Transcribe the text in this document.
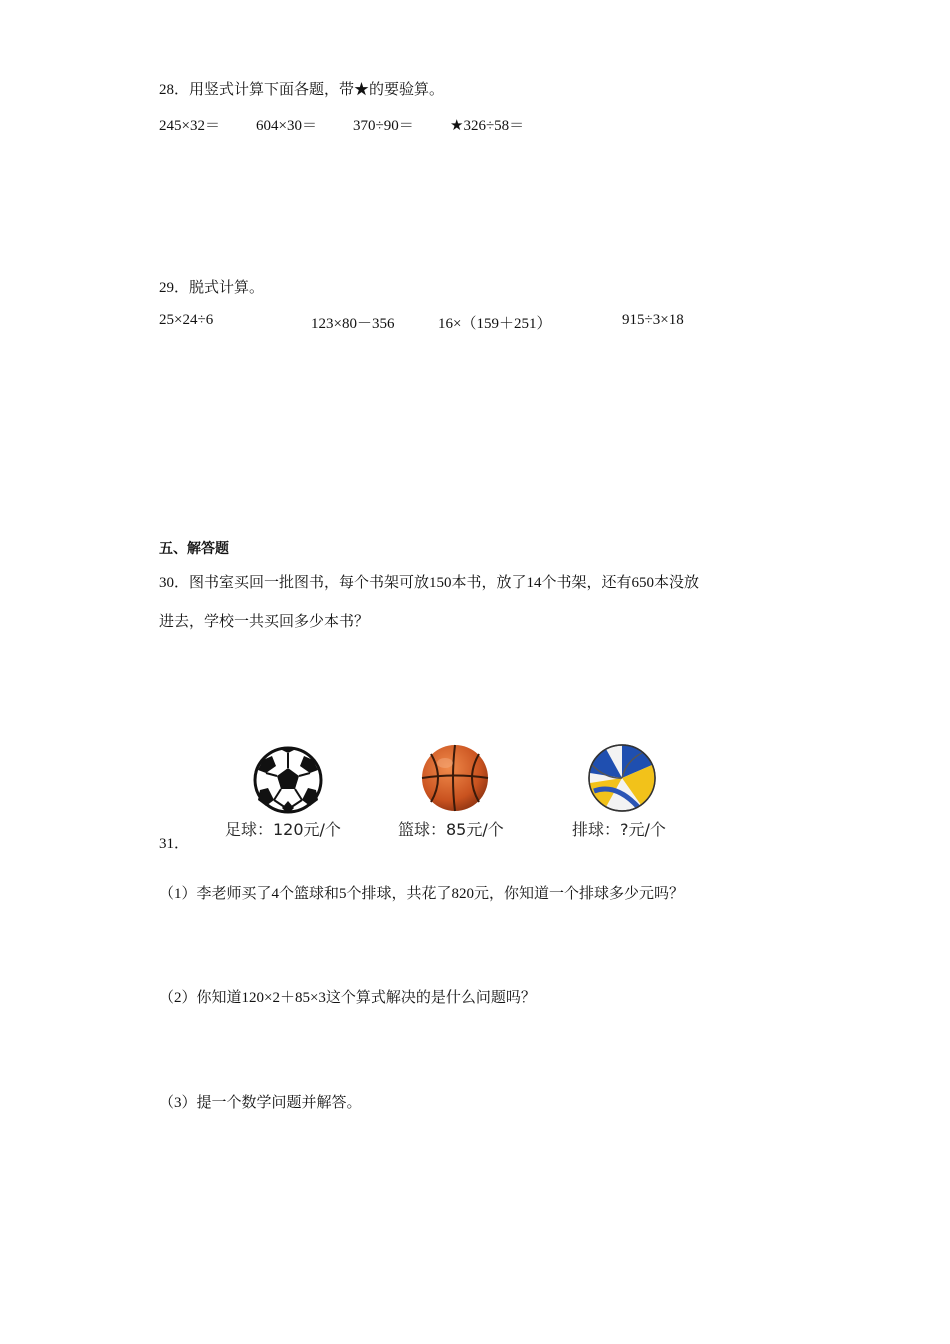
28．用竖式计算下面各题，带★的要验算。
245×32＝ 604×30＝ 370÷90＝ ★326÷58＝
29．脱式计算。
25×24÷6	123×80－356	16×（159＋251）	915÷3×18
五、解答题
30．图书室买回一批图书，每个书架可放150本书，放了14个书架，还有650本没放
进去，学校一共买回多少本书？
足球：120元/个	篮球：85元/个	排球：?元/个
31．
（1）李老师买了4个篮球和5个排球，共花了820元，你知道一个排球多少元吗？
（2）你知道120×2＋85×3这个算式解决的是什么问题吗？
（3）提一个数学问题并解答。
